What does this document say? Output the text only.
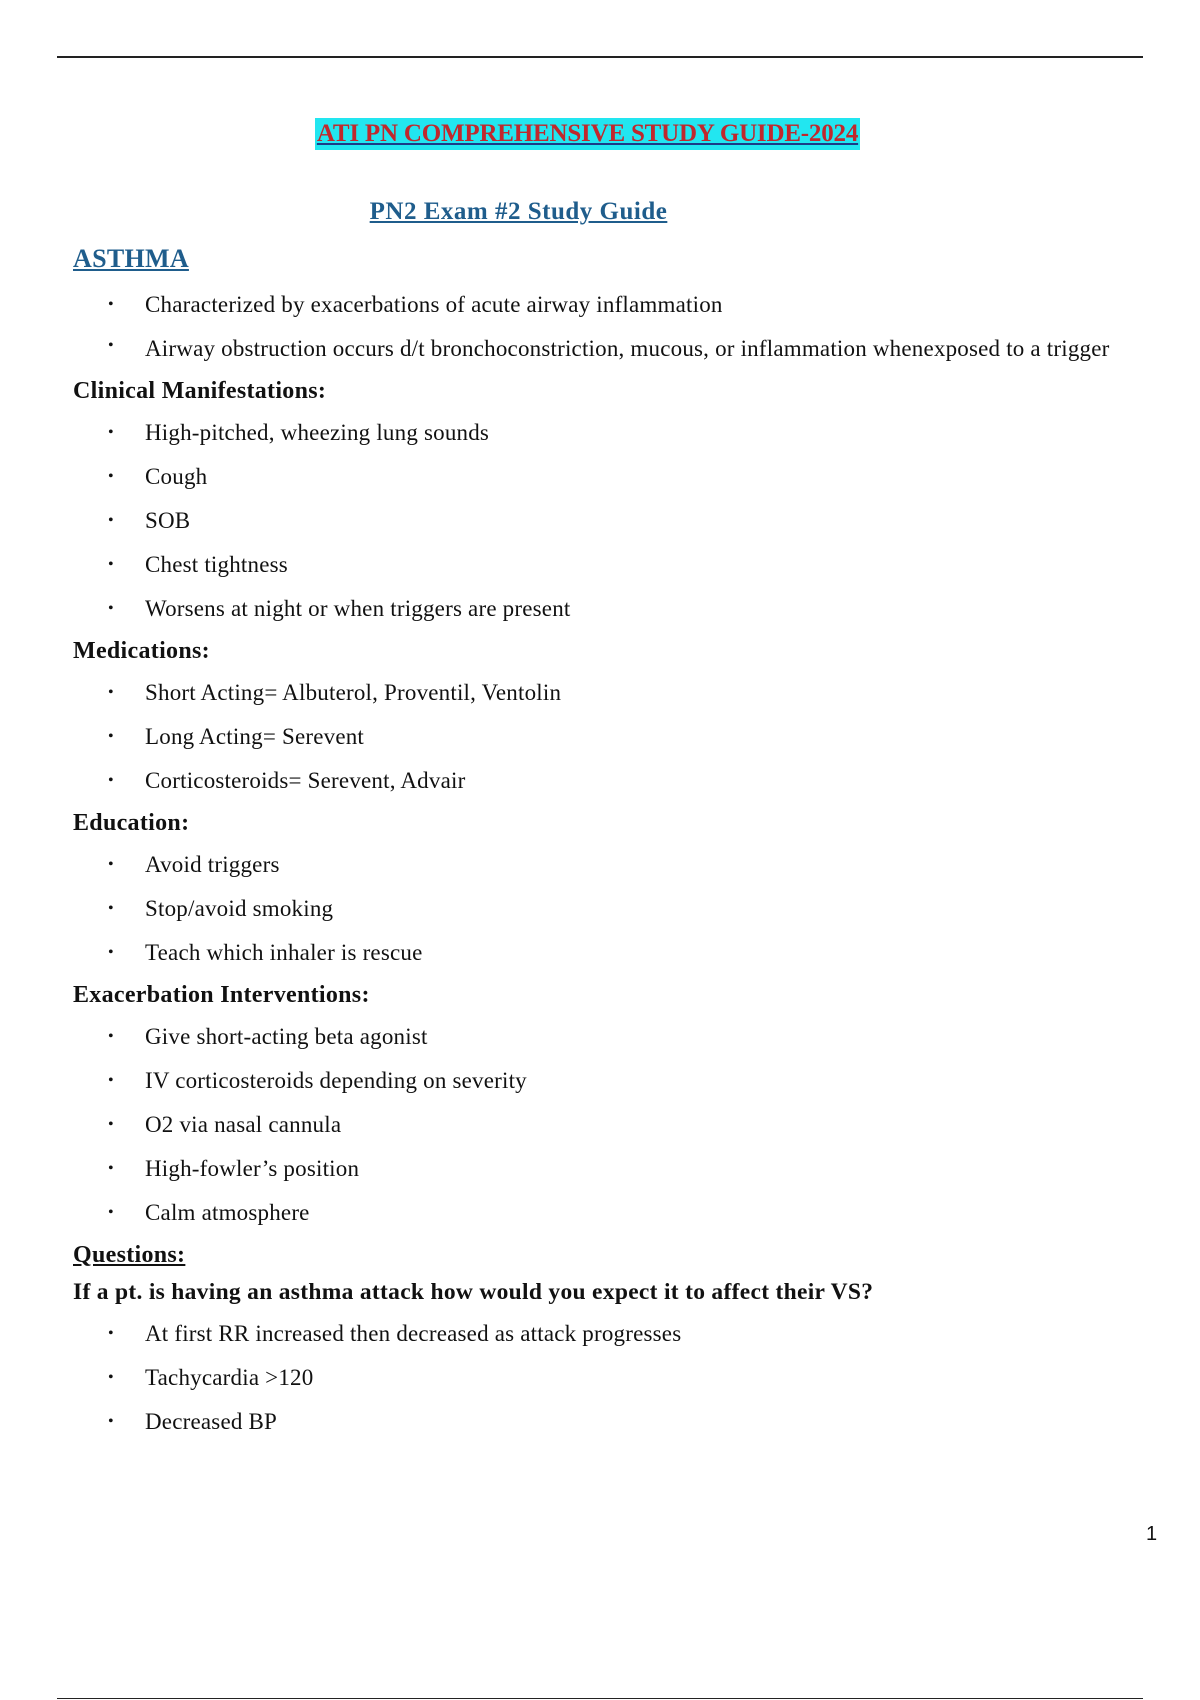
ATI PN COMPREHENSIVE STUDY GUIDE-2024
PN2 Exam #2 Study Guide
ASTHMA
• Characterized by exacerbations of acute airway inflammation
• Airway obstruction occurs d/t bronchoconstriction, mucous, or inflammation whenexposed to a trigger
Clinical Manifestations:
• High-pitched, wheezing lung sounds
• Cough
• SOB
• Chest tightness
• Worsens at night or when triggers are present
Medications:
• Short Acting= Albuterol, Proventil, Ventolin
• Long Acting= Serevent
• Corticosteroids= Serevent, Advair
Education:
• Avoid triggers
• Stop/avoid smoking
• Teach which inhaler is rescue
Exacerbation Interventions:
• Give short-acting beta agonist
• IV corticosteroids depending on severity
• O2 via nasal cannula
• High-fowler’s position
• Calm atmosphere
Questions:
If a pt. is having an asthma attack how would you expect it to affect their VS?
• At first RR increased then decreased as attack progresses
• Tachycardia >120
• Decreased BP
1
